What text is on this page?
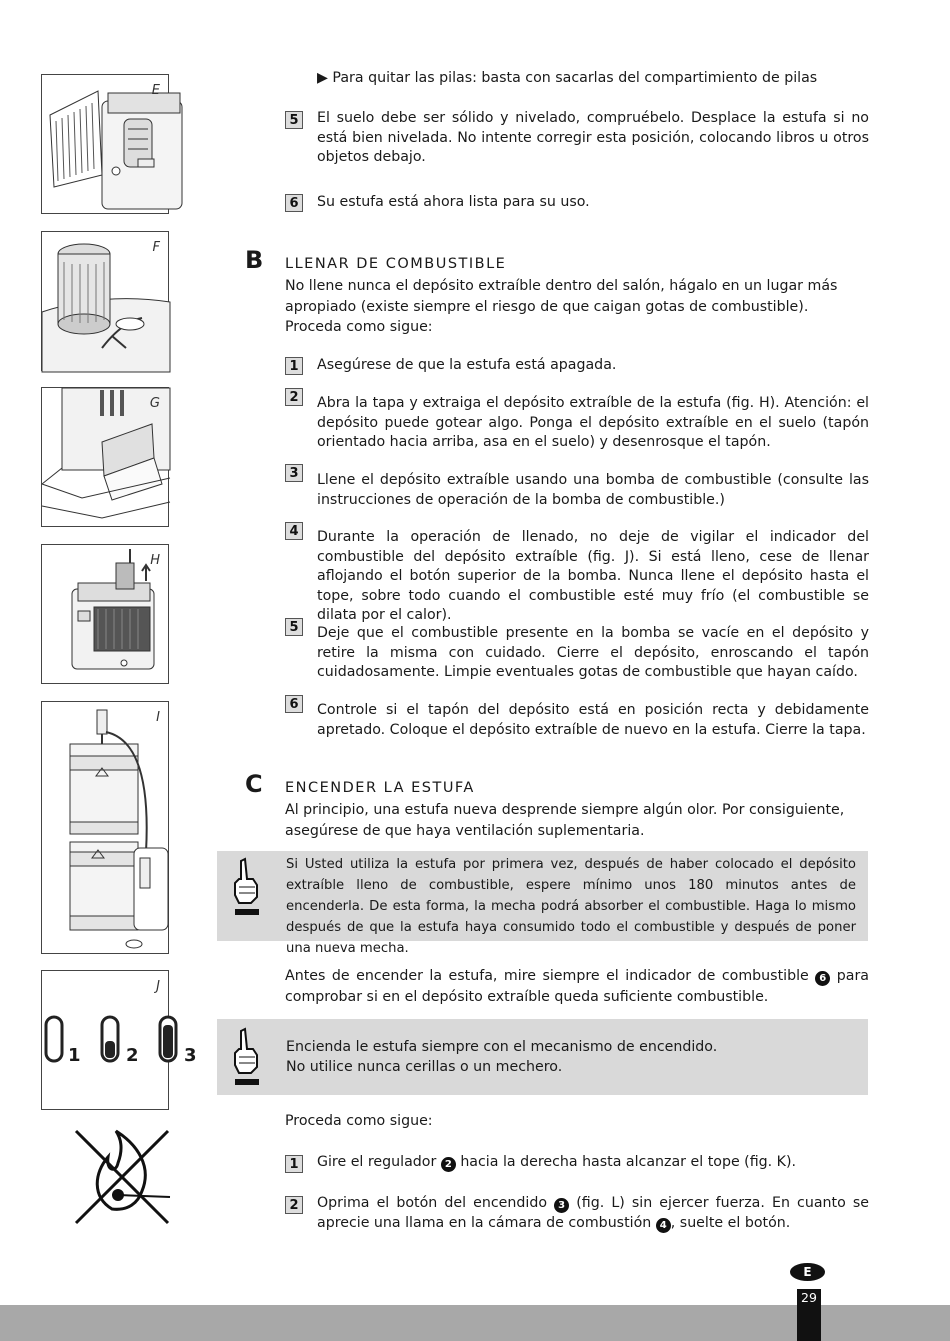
E
F
G
H
I
J
1	2	3
▶ Para quitar las pilas: basta con sacarlas del compartimiento de pilas
5	El suelo debe ser sólido y nivelado, compruébelo. Desplace la estufa si no está bien nivelada. No intente corregir esta posición, colocando libros u otros objetos debajo.
6	Su estufa está ahora lista para su uso.
B LLENAR DE COMBUSTIBLE
No llene nunca el depósito extraíble dentro del salón, hágalo en un lugar más apropiado (existe siempre el riesgo de que caigan gotas de combustible). Proceda como sigue:
1	Asegúrese de que la estufa está apagada.
2	Abra la tapa y extraiga el depósito extraíble de la estufa (fig. H). Atención: el depósito puede gotear algo. Ponga el depósito extraíble en el suelo (tapón orientado hacia arriba, asa en el suelo) y desenrosque el tapón.
3	Llene el depósito extraíble usando una bomba de combustible (consulte las instrucciones de operación de la bomba de combustible.)
4	Durante la operación de llenado, no deje de vigilar el indicador del combustible del depósito extraíble (fig. J). Si está lleno, cese de llenar aflojando el botón superior de la bomba. Nunca llene el depósito hasta el tope, sobre todo cuando el combustible esté muy frío (el combustible se dilata por el calor).
5	Deje que el combustible presente en la bomba se vacíe en el depósito y retire la misma con cuidado. Cierre el depósito, enroscando el tapón cuidadosamente. Limpie eventuales gotas de combustible que hayan caído.
6	Controle si el tapón del depósito está en posición recta y debidamente apretado. Coloque el depósito extraíble de nuevo en la estufa. Cierre la tapa.
C ENCENDER LA ESTUFA
Al principio, una estufa nueva desprende siempre algún olor. Por consiguiente, asegúrese de que haya ventilación suplementaria.
Si Usted utiliza la estufa por primera vez, después de haber colocado el depósito extraíble lleno de combustible, espere mínimo unos 180 minutos antes de encenderla. De esta forma, la mecha podrá absorber el combustible. Haga lo mismo después de que la estufa haya consumido todo el combustible y después de poner una nueva mecha.
Antes de encender la estufa, mire siempre el indicador de combustible 6 para comprobar si en el depósito extraíble queda suficiente combustible.
Encienda le estufa siempre con el mecanismo de encendido.
No utilice nunca cerillas o un mechero.
Proceda como sigue:
1	Gire el regulador 2 hacia la derecha hasta alcanzar el tope (fig. K).
2	Oprima el botón del encendido 3 (fig. L) sin ejercer fuerza. En cuanto se aprecie una llama en la cámara de combustión 4 , suelte el botón.
E
29
